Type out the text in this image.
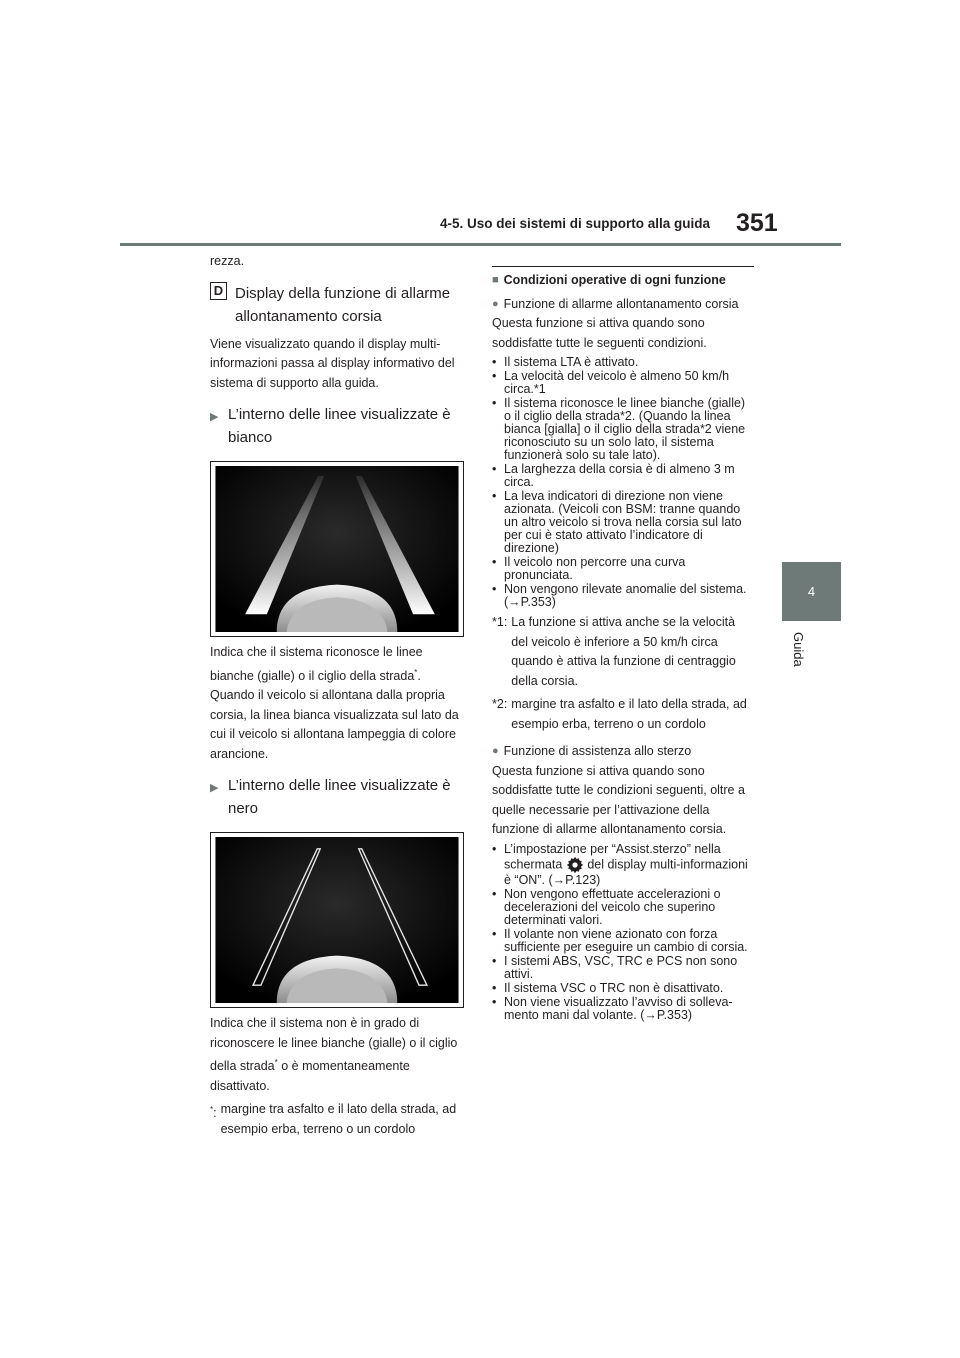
4-5. Uso dei sistemi di supporto alla guida 351
4
Guida

rezza.

D Display della funzione di allarme
allontanamento corsia

Viene visualizzato quando il display multi-informazioni passa al display informativo del sistema di supporto alla guida.

▶ L’interno delle linee visualizzate è
bianco

Indica che il sistema riconosce le linee bianche (gialle) o il ciglio della strada*. Quando il veicolo si allontana dalla propria corsia, la linea bianca visualizzata sul lato da cui il veicolo si allontana lampeggia di colore arancione.

▶ L’interno delle linee visualizzate è
nero

Indica che il sistema non è in grado di riconoscere le linee bianche (gialle) o il ciglio della strada* o è momentaneamente disattivato.

*: margine tra asfalto e il lato della strada, ad esempio erba, terreno o un cordolo
■ Condizioni operative di ogni funzione
● Funzione di allarme allontanamento corsia

Questa funzione si attiva quando sono soddisfatte tutte le seguenti condizioni.

• Il sistema LTA è attivato.
• La velocità del veicolo è almeno 50 km/h circa.*1
• Il sistema riconosce le linee bianche (gialle) o il ciglio della strada*2. (Quando la linea bianca [gialla] o il ciglio della strada*2 viene riconosciuto su un solo lato, il sistema funzionerà solo su tale lato).
• La larghezza della corsia è di almeno 3 m circa.
• La leva indicatori di direzione non viene azionata. (Veicoli con BSM: tranne quando un altro veicolo si trova nella corsia sul lato per cui è stato attivato l’indicatore di direzione)
• Il veicolo non percorre una curva pronunciata.
• Non vengono rilevate anomalie del sistema. (→P.353)
*1: La funzione si attiva anche se la velocità del veicolo è inferiore a 50 km/h circa quando è attiva la funzione di centraggio della corsia.
*2: margine tra asfalto e il lato della strada, ad esempio erba, terreno o un cordolo
● Funzione di assistenza allo sterzo

Questa funzione si attiva quando sono soddisfatte tutte le condizioni seguenti, oltre a quelle necessarie per l’attivazione della funzione di allarme allontanamento corsia.

• L’impostazione per “Assist.sterzo” nella schermata del display multi-informazioni è “ON”. (→P.123)
• Non vengono effettuate accelerazioni o decelerazioni del veicolo che superino determinati valori.
• Il volante non viene azionato con forza sufficiente per eseguire un cambio di corsia.
• I sistemi ABS, VSC, TRC e PCS non sono attivi.
• Il sistema VSC o TRC non è disattivato.
• Non viene visualizzato l’avviso di solleva-mento mani dal volante. (→P.353)
